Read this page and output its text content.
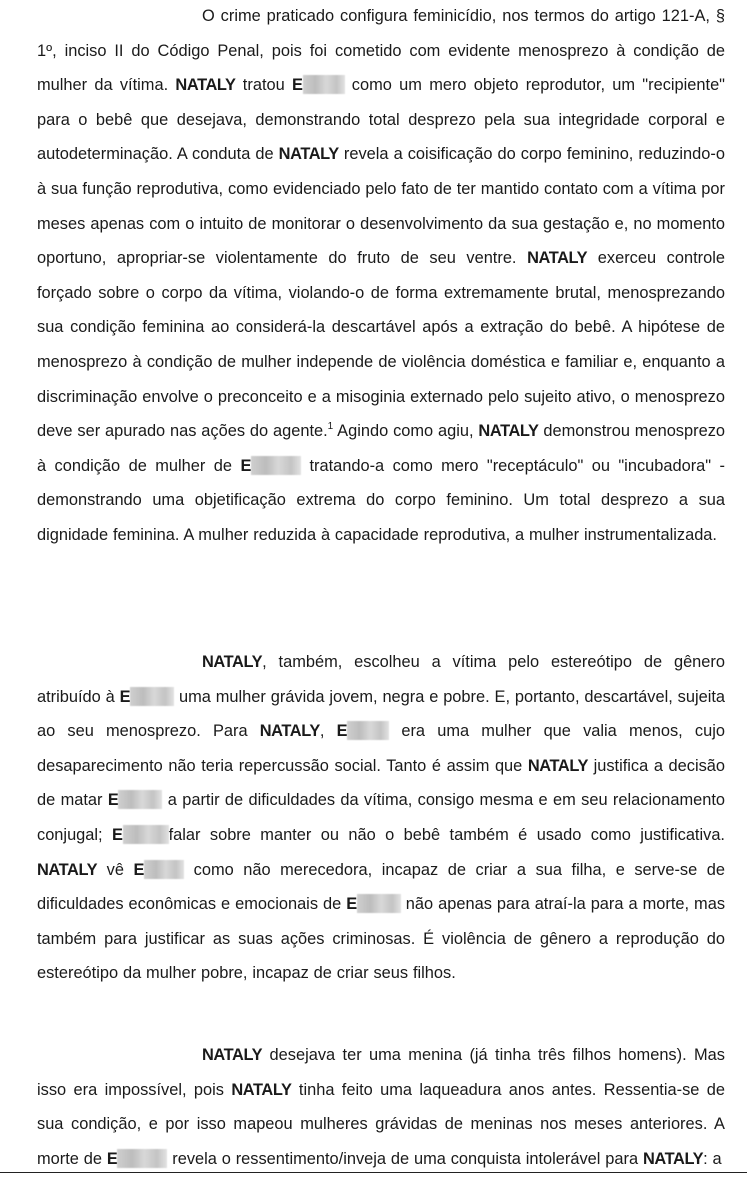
O crime praticado configura feminicídio, nos termos do artigo 121-A, § 1º, inciso II do Código Penal, pois foi cometido com evidente menosprezo à condição de mulher da vítima. NATALY tratou E	como um mero objeto reprodutor, um "recipiente" para o bebê que desejava, demonstrando total desprezo pela sua integridade corporal e autodeterminação. A conduta de NATALY revela a coisificação do corpo feminino, reduzindo-o à sua função reprodutiva, como evidenciado pelo fato de ter mantido contato com a vítima por meses apenas com o intuito de monitorar o desenvolvimento da sua gestação e, no momento oportuno, apropriar-se violentamente do fruto de seu ventre. NATALY exerceu controle forçado sobre o corpo da vítima, violando-o de forma extremamente brutal, menosprezando sua condição feminina ao considerá-la descartável após a extração do bebê. A hipótese de menosprezo à condição de mulher independe de violência doméstica e familiar e, enquanto a discriminação envolve o preconceito e a misoginia externado pelo sujeito ativo, o menosprezo deve ser apurado nas ações do agente.$^1$ Agindo como agiu, NATALY demonstrou menosprezo à condição de mulher de E	tratando-a como mero "receptáculo" ou "incubadora" - demonstrando uma objetificação extrema do corpo feminino. Um total desprezo a sua dignidade feminina. A mulher reduzida à capacidade reprodutiva, a mulher instrumentalizada.

NATALY, também, escolheu a vítima pelo estereótipo de gênero atribuído à E	uma mulher grávida jovem, negra e pobre. E, portanto, descartável, sujeita ao seu menosprezo. Para NATALY, E	era uma mulher que valia menos, cujo desaparecimento não teria repercussão social. Tanto é assim que NATALY justifica a decisão de matar E	a partir de dificuldades da vítima, consigo mesma e em seu relacionamento conjugal; E	falar sobre manter ou não o bebê também é usado como justificativa. NATALY vê E como não merecedora, incapaz de criar a sua filha, e serve-se de dificuldades econômicas e emocionais de E	não apenas para atraí-la para a morte, mas também para justificar as suas ações criminosas. É violência de gênero a reprodução do estereótipo da mulher pobre, incapaz de criar seus filhos.

NATALY desejava ter uma menina (já tinha três filhos homens). Mas isso era impossível, pois NATALY tinha feito uma laqueadura anos antes. Ressentia-se de sua condição, e por isso mapeou mulheres grávidas de meninas nos meses anteriores. A morte de E	revela o ressentimento/inveja de uma conquista intolerável para NATALY: a
